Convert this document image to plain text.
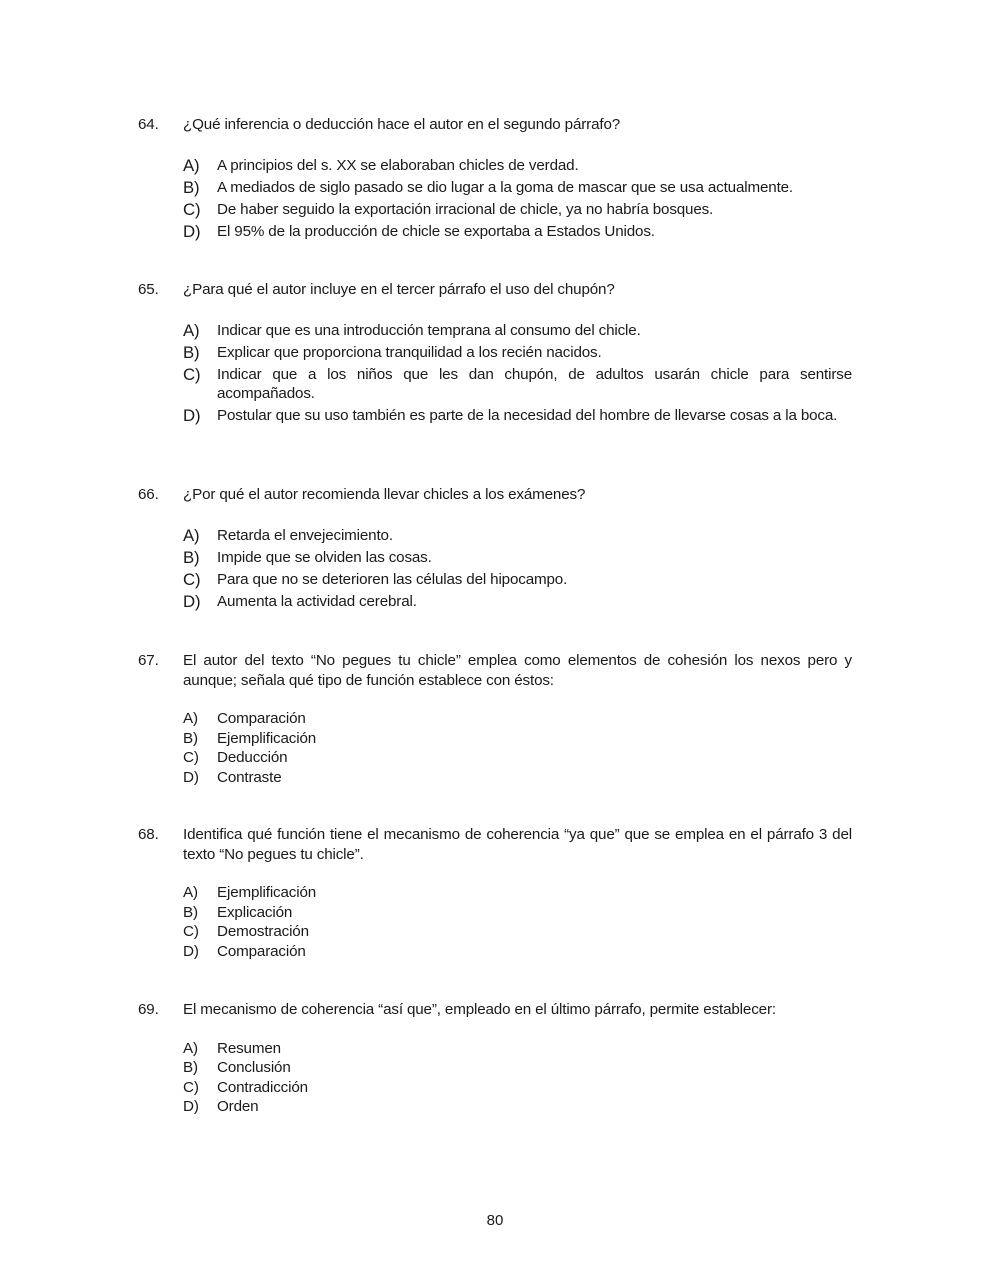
64.	¿Qué inferencia o deducción hace el autor en el segundo párrafo?
A)	A principios del s. XX se elaboraban chicles de verdad.
B)	A mediados de siglo pasado se dio lugar a la goma de mascar que se usa actualmente.
C)	De haber seguido la exportación irracional de chicle, ya no habría bosques.
D)	El 95% de la producción de chicle se exportaba a Estados Unidos.
65.	¿Para qué el autor incluye en el tercer párrafo el uso del chupón?
A)	Indicar que es una introducción temprana al consumo del chicle.
B)	Explicar que proporciona tranquilidad a los recién nacidos.
C)	Indicar que a los niños que les dan chupón, de adultos usarán chicle para sentirse acompañados.
D)	Postular que su uso también es parte de la necesidad del hombre de llevarse cosas a la boca.
66.	¿Por qué el autor recomienda llevar chicles a los exámenes?
A)	Retarda el envejecimiento.
B)	Impide que se olviden las cosas.
C)	Para que no se deterioren las células del hipocampo.
D)	Aumenta la actividad cerebral.
67.	El autor del texto “No pegues tu chicle” emplea como elementos de cohesión los nexos pero y aunque; señala qué tipo de función establece con éstos:
A)	Comparación
B)	Ejemplificación
C)	Deducción
D)	Contraste
68.	Identifica qué función tiene el mecanismo de coherencia “ya que” que se emplea en el párrafo 3 del texto “No pegues tu chicle”.
A)	Ejemplificación
B)	Explicación
C)	Demostración
D)	Comparación
69.	El mecanismo de coherencia “así que”, empleado en el último párrafo, permite establecer:
A)	Resumen
B)	Conclusión
C)	Contradicción
D)	Orden
80
